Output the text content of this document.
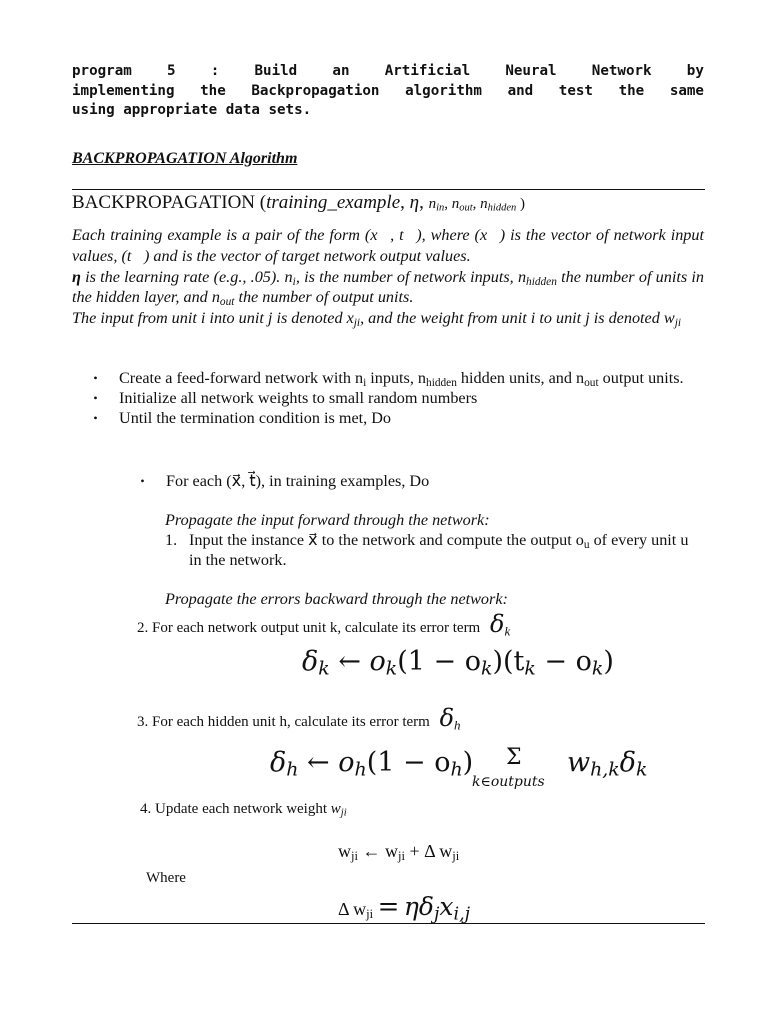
program 5 : Build an Artificial Neural Network by
implementing the Backpropagation algorithm and test the same
using appropriate data sets.
BACKPROPAGATION Algorithm
BACKPROPAGATION (training_example, η, $n_{in}$, $n_{out}$, $n_{hidden}$ )
Each training example is a pair of the form (x⃗, t⃗), where (x⃗) is the vector of network input values, (t⃗) and is the vector of target network output values.
η is the learning rate (e.g., .05). $n_i$, is the number of network inputs, $n_{hidden}$ the number of units in the hidden layer, and $n_{out}$ the number of output units.
The input from unit i into unit j is denoted $x_{ji}$, and the weight from unit i to unit j is denoted $w_{ji}$
•	Create a feed-forward network with $n_i$ inputs, $n_{hidden}$ hidden units, and $n_{out}$ output units.
•	Initialize all network weights to small random numbers
•	Until the termination condition is met, Do
•	For each (x⃗, t⃗), in training examples, Do
Propagate the input forward through the network:
1. Input the instance x⃗ to the network and compute the output $o_u$ of every unit u in the network.
Propagate the errors backward through the network:
2. For each network output unit k, calculate its error term $\delta_k$
$\delta_k$ ← $o_k(1 - o_k)(t_k - o_k)$
3. For each hidden unit h, calculate its error term $\delta_h$
$\delta_h$ ← $o_h(1 - o_h)$ Σ
k∈outputs
$w_{h,k}\delta_k$
4. Update each network weight $w_{ji}$
$w_{ji}$ ← $w_{ji} + \Delta$ $w_{ji}$
Where
Δ $w_{ji} = \eta\delta_jx_{i,j}$
